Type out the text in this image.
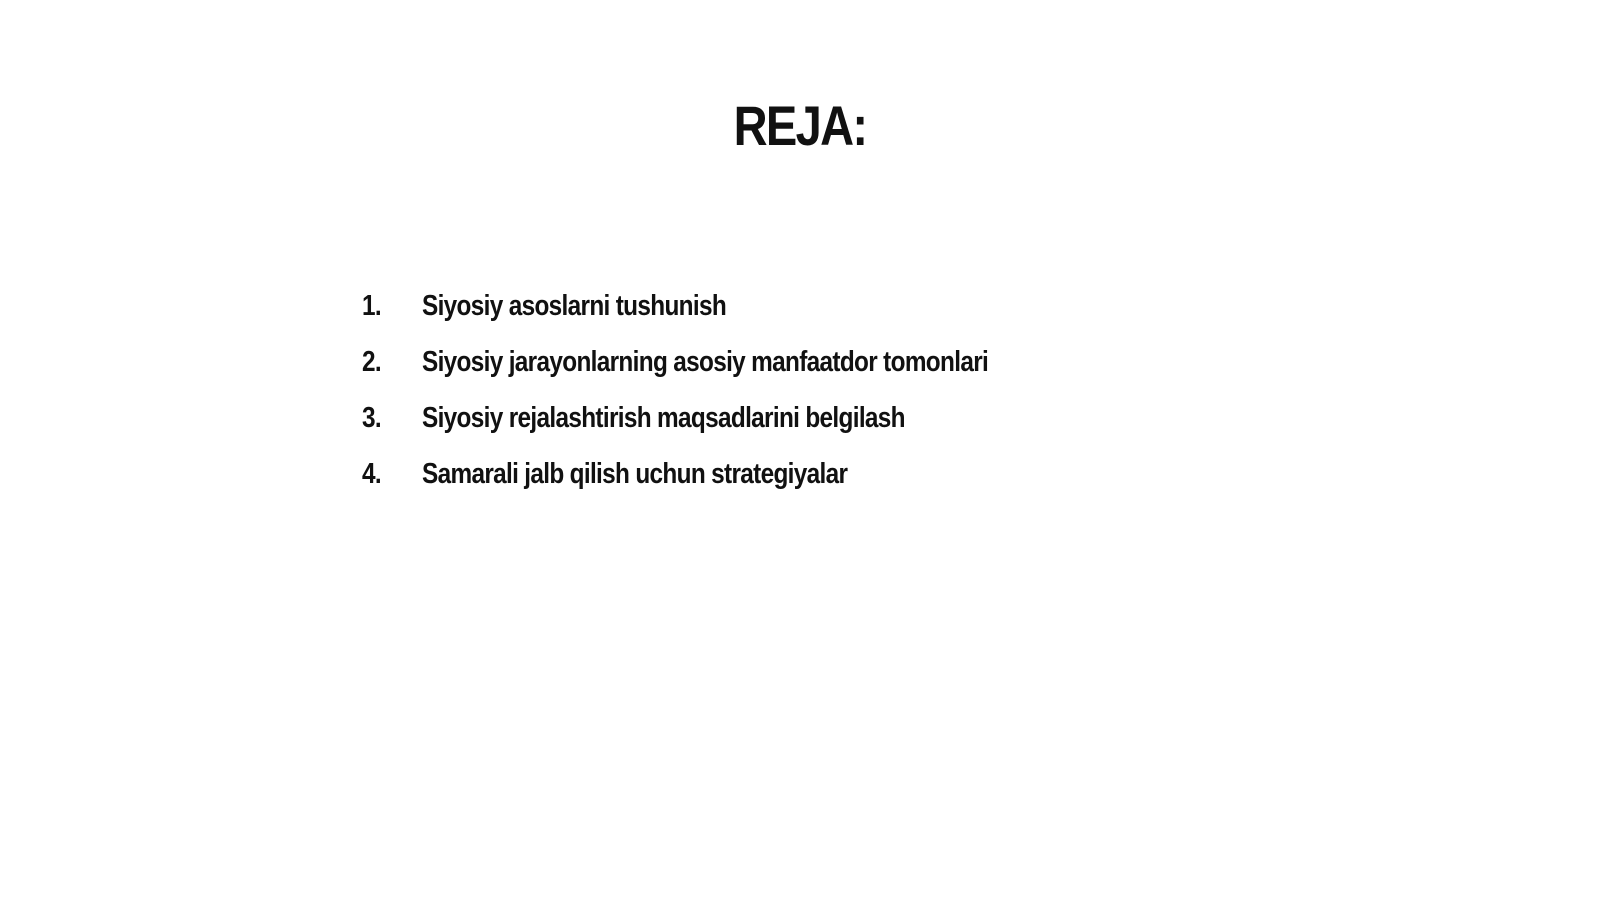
REJA:
1.	Siyosiy asoslarni tushunish
2.	Siyosiy jarayonlarning asosiy manfaatdor tomonlari
3.	Siyosiy rejalashtirish maqsadlarini belgilash
4.	Samarali jalb qilish uchun strategiyalar
